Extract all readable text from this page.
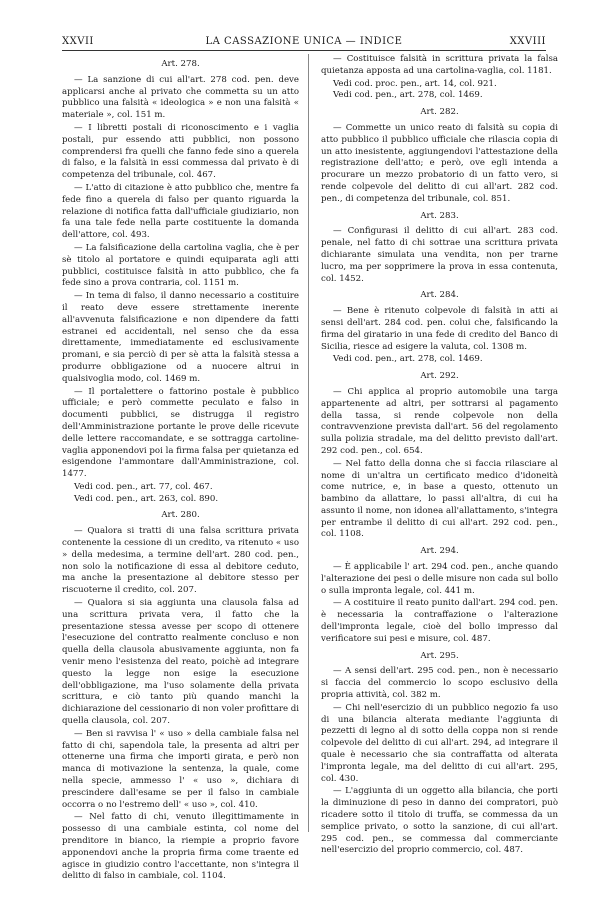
XXVII	LA CASSAZIONE UNICA — INDICE	XXVIII
Art. 278.

— La sanzione di cui all'art. 278 cod. pen. deve applicarsi anche al privato che commetta su un atto pubblico una falsità « ideologica » e non una falsità « materiale », col. 151 m.

— I libretti postali di riconoscimento e i vaglia postali, pur essendo atti pubblici, non possono comprendersi fra quelli che fanno fede sino a querela di falso, e la falsità in essi commessa dal privato è di competenza del tribunale, col. 467.

— L'atto di citazione è atto pubblico che, mentre fa fede fino a querela di falso per quanto riguarda la relazione di notifica fatta dall'ufficiale giudiziario, non fa una tale fede nella parte costituente la domanda dell'attore, col. 493.

— La falsificazione della cartolina vaglia, che è per sè titolo al portatore e quindi equiparata agli atti pubblici, costituisce falsità in atto pubblico, che fa fede sino a prova contraria, col. 1151 m.

— In tema di falso, il danno necessario a costituire il reato deve essere strettamente inerente all'avvenuta falsificazione e non dipendere da fatti estranei ed accidentali, nel senso che da essa direttamente, immediatamente ed esclusivamente promani, e sia perciò di per sè atta la falsità stessa a produrre obbligazione od a nuocere altrui in qualsivoglia modo, col. 1469 m.

— Il portalettere o fattorino postale è pubblico ufficiale; e però commette peculato e falso in documenti pubblici, se distrugga il registro dell'Amministrazione portante le prove delle ricevute delle lettere raccomandate, e se sottragga cartoline-vaglia apponendovi poi la firma falsa per quietanza ed esigendone l'ammontare dall'Amministrazione, col. 1477.

Vedi cod. pen., art. 77, col. 467.

Vedi cod. pen., art. 263, col. 890.

Art. 280.

— Qualora si tratti di una falsa scrittura privata contenente la cessione di un credito, va ritenuto « uso » della medesima, a termine dell'art. 280 cod. pen., non solo la notificazione di essa al debitore ceduto, ma anche la presentazione al debitore stesso per riscuoterne il credito, col. 207.

— Qualora si sia aggiunta una clausola falsa ad una scrittura privata vera, il fatto che la presentazione stessa avesse per scopo di ottenere l'esecuzione del contratto realmente concluso e non quella della clausola abusivamente aggiunta, non fa venir meno l'esistenza del reato, poichè ad integrare questo la legge non esige la esecuzione dell'obbligazione, ma l'uso solamente della privata scrittura, e ciò tanto più quando manchi la dichiarazione del cessionario di non voler profittare di quella clausola, col. 207.

— Ben si ravvisa l' « uso » della cambiale falsa nel fatto di chi, sapendola tale, la presenta ad altri per ottenerne una firma che importi girata, e però non manca di motivazione la sentenza, la quale, come nella specie, ammesso l' « uso », dichiara di prescindere dall'esame se per il falso in cambiale occorra o no l'estremo dell' « uso », col. 410.

— Nel fatto di chi, venuto illegittimamente in possesso di una cambiale estinta, col nome del prenditore in bianco, la riempie a proprio favore apponendovi anche la propria firma come traente ed agisce in giudizio contro l'accettante, non s'integra il delitto di falso in cambiale, col. 1104.

— Costituisce falsità in scrittura privata la falsa quietanza apposta ad una cartolina-vaglia, col. 1181.

Vedi cod. proc. pen., art. 14, col. 921.

Vedi cod. pen., art. 278, col. 1469.

Art. 282.

— Commette un unico reato di falsità su copia di atto pubblico il pubblico ufficiale che rilascia copia di un atto inesistente, aggiungendovi l'attestazione della registrazione dell'atto; e però, ove egli intenda a procurare un mezzo probatorio di un fatto vero, si rende colpevole del delitto di cui all'art. 282 cod. pen., di competenza del tribunale, col. 851.

Art. 283.

— Configurasi il delitto di cui all'art. 283 cod. penale, nel fatto di chi sottrae una scrittura privata dichiarante simulata una vendita, non per trarne lucro, ma per sopprimere la prova in essa contenuta, col. 1452.

Art. 284.

— Bene è ritenuto colpevole di falsità in atti ai sensi dell'art. 284 cod. pen. colui che, falsificando la firma del giratario in una fede di credito del Banco di Sicilia, riesce ad esigere la valuta, col. 1308 m.

Vedi cod. pen., art. 278, col. 1469.

Art. 292.

— Chi applica al proprio automobile una targa appartenente ad altri, per sottrarsi al pagamento della tassa, si rende colpevole non della contravvenzione prevista dall'art. 56 del regolamento sulla polizia stradale, ma del delitto previsto dall'art. 292 cod. pen., col. 654.

— Nel fatto della donna che si faccia rilasciare al nome di un'altra un certificato medico d'idoneità come nutrice, e, in base a questo, ottenuto un bambino da allattare, lo passi all'altra, di cui ha assunto il nome, non idonea all'allattamento, s'integra per entrambe il delitto di cui all'art. 292 cod. pen., col. 1108.

Art. 294.

— È applicabile l' art. 294 cod. pen., anche quando l'alterazione dei pesi o delle misure non cada sul bollo o sulla impronta legale, col. 441 m.

— A costituire il reato punito dall'art. 294 cod. pen. è necessaria la contraffazione o l'alterazione dell'impronta legale, cioè del bollo impresso dal verificatore sui pesi e misure, col. 487.

Art. 295.

— A sensi dell'art. 295 cod. pen., non è necessario si faccia del commercio lo scopo esclusivo della propria attività, col. 382 m.

— Chi nell'esercizio di un pubblico negozio fa uso di una bilancia alterata mediante l'aggiunta di pezzetti di legno al di sotto della coppa non si rende colpevole del delitto di cui all'art. 294, ad integrare il quale è necessario che sia contraffatta od alterata l'impronta legale, ma del delitto di cui all'art. 295, col. 430.

— L'aggiunta di un oggetto alla bilancia, che porti la diminuzione di peso in danno dei compratori, può ricadere sotto il titolo di truffa, se commessa da un semplice privato, o sotto la sanzione, di cui all'art. 295 cod. pen., se commessa dal commerciante nell'esercizio del proprio commercio, col. 487.
